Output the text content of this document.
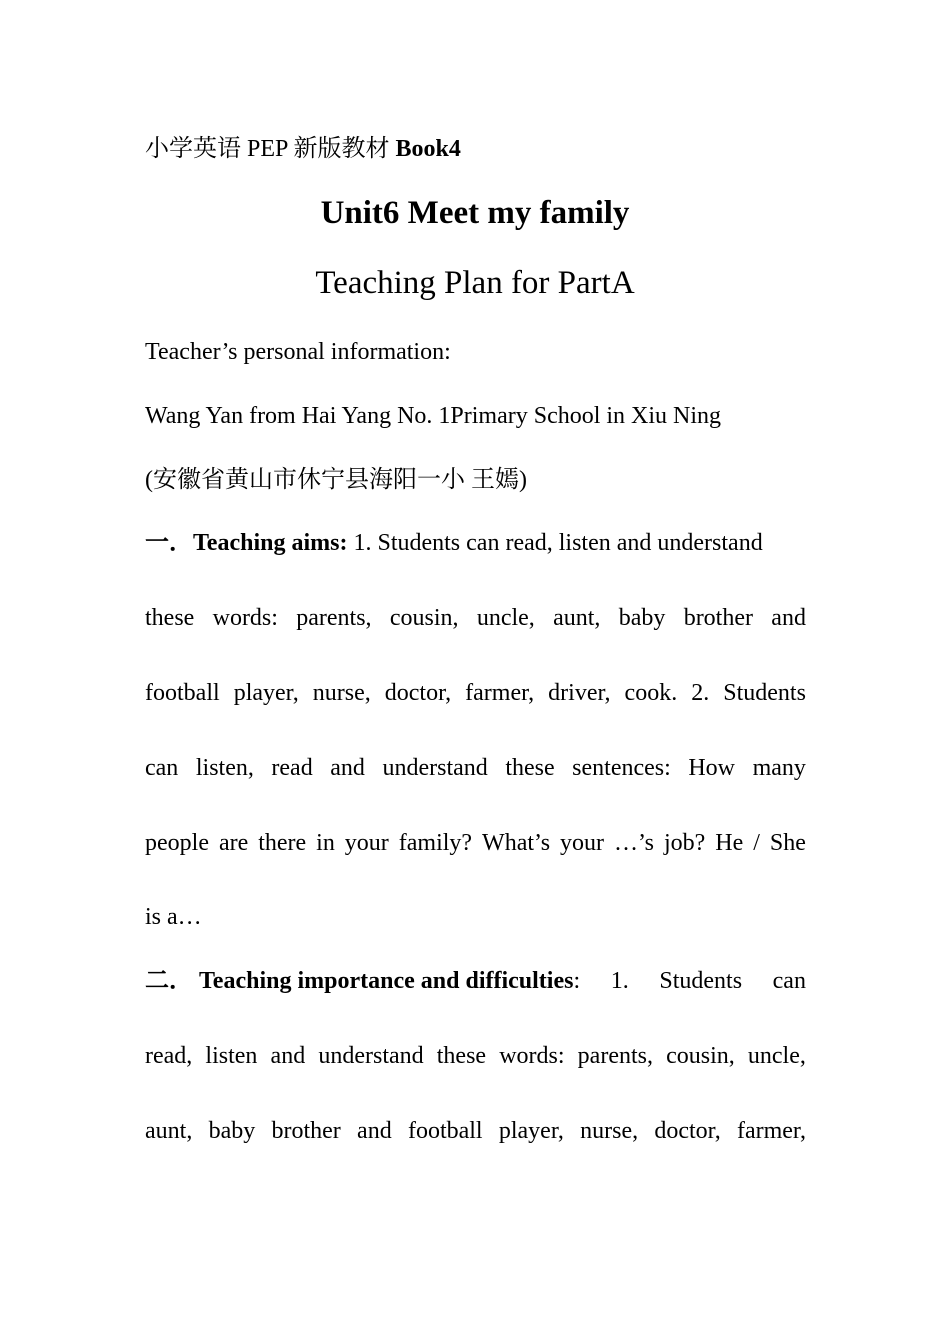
小学英语 PEP 新版教材 Book4
Unit6 Meet my family
Teaching Plan for PartA
Teacher’s personal information:
Wang Yan from Hai Yang No. 1Primary School in Xiu Ning
(安徽省黄山市休宁县海阳一小 王嫣)
一．Teaching aims: 1. Students can read, listen and understand
these words: parents, cousin, uncle, aunt, baby brother and
football player, nurse, doctor, farmer, driver, cook. 2. Students
can listen, read and understand these sentences: How many
people are there in your family? What’s your …’s job? He / She
is a…
二． Teaching importance and difficulties: 1. Students can
read, listen and understand these words: parents, cousin, uncle,
aunt, baby brother and football player, nurse, doctor, farmer,
